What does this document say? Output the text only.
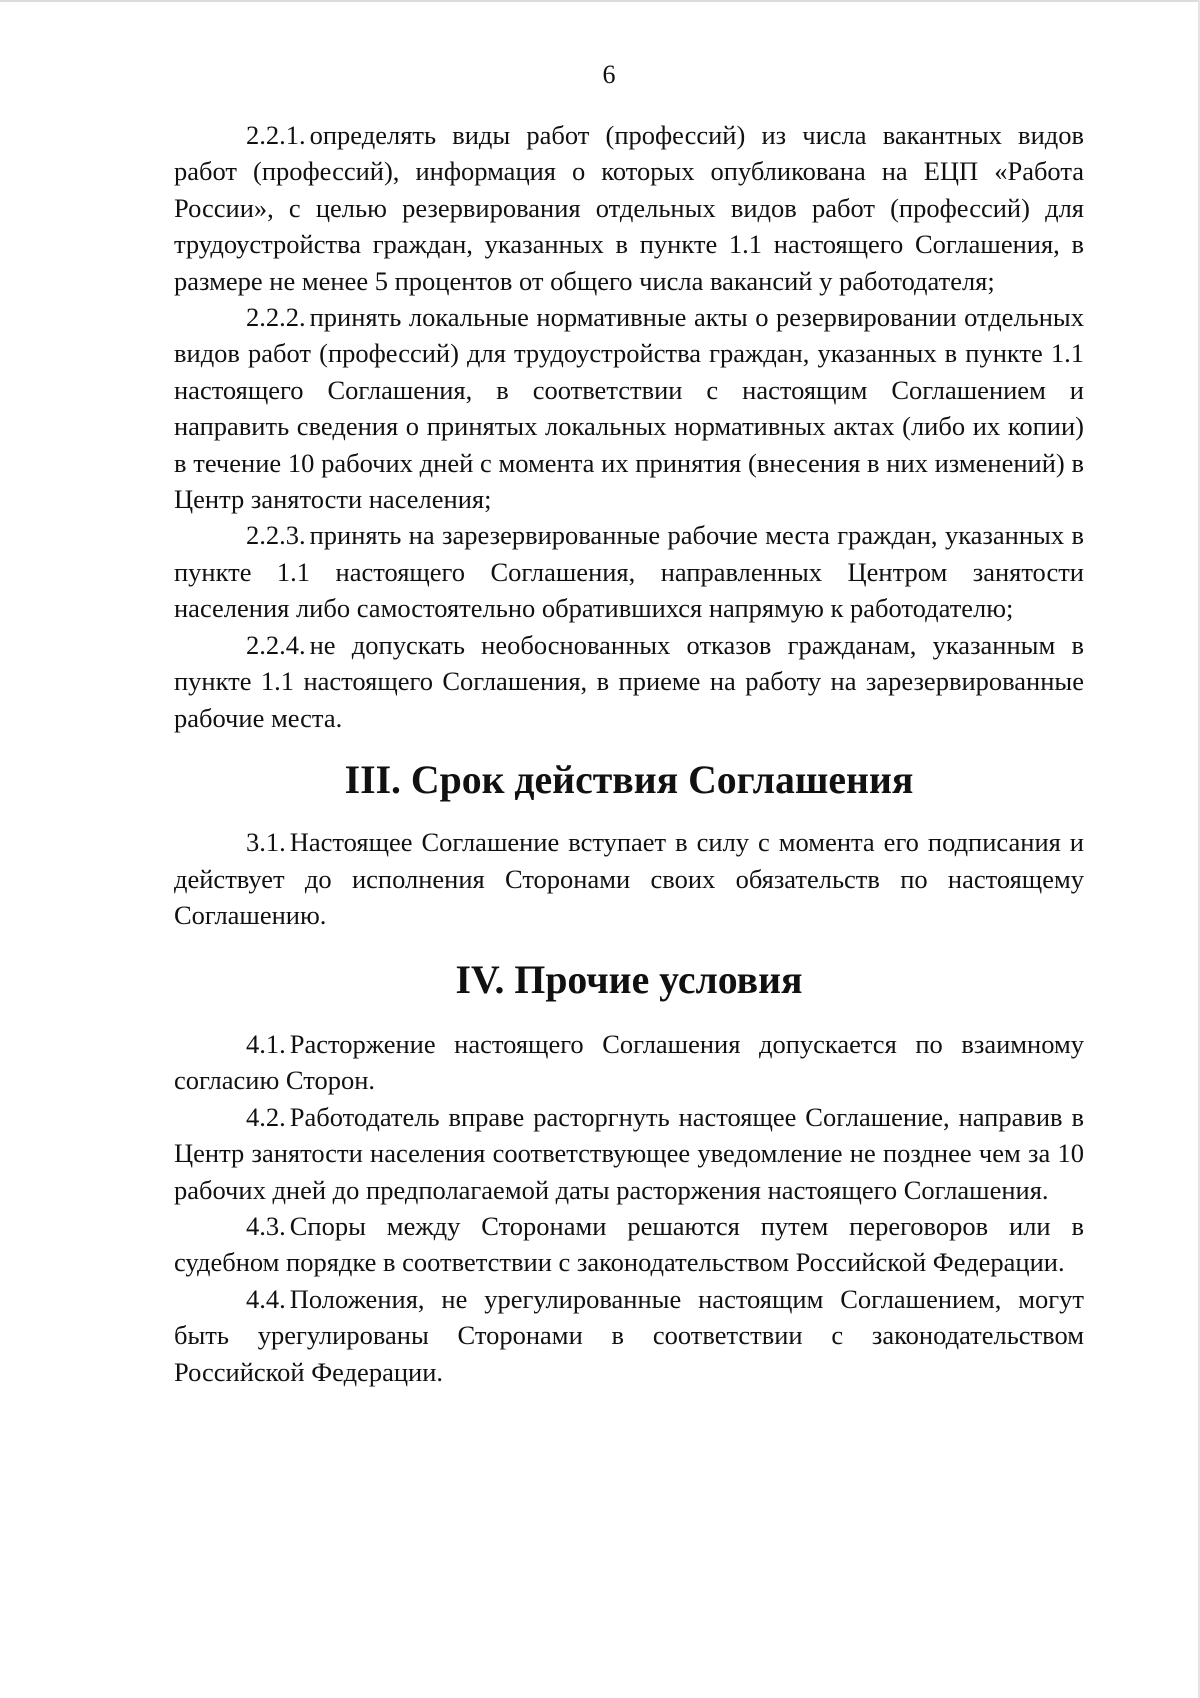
6

2.2.1. определять виды работ (профессий) из числа вакантных видов работ (профессий), информация о которых опубликована на ЕЦП «Работа России», с целью резервирования отдельных видов работ (профессий) для трудоустройства граждан, указанных в пункте 1.1 настоящего Соглашения, в размере не менее 5 процентов от общего числа вакансий у работодателя;

2.2.2. принять локальные нормативные акты о резервировании отдельных видов работ (профессий) для трудоустройства граждан, указанных в пункте 1.1 настоящего Соглашения, в соответствии с настоящим Соглашением и направить сведения о принятых локальных нормативных актах (либо их копии) в течение 10 рабочих дней с момента их принятия (внесения в них изменений) в Центр занятости населения;

2.2.3. принять на зарезервированные рабочие места граждан, указанных в пункте 1.1 настоящего Соглашения, направленных Центром занятости населения либо самостоятельно обратившихся напрямую к работодателю;

2.2.4. не допускать необоснованных отказов гражданам, указанным в пункте 1.1 настоящего Соглашения, в приеме на работу на зарезервированные рабочие места.

III. Срок действия Соглашения

3.1. Настоящее Соглашение вступает в силу с момента его подписания и действует до исполнения Сторонами своих обязательств по настоящему Соглашению.

IV. Прочие условия

4.1. Расторжение настоящего Соглашения допускается по взаимному согласию Сторон.

4.2. Работодатель вправе расторгнуть настоящее Соглашение, направив в Центр занятости населения соответствующее уведомление не позднее чем за 10 рабочих дней до предполагаемой даты расторжения настоящего Соглашения.

4.3. Споры между Сторонами решаются путем переговоров или в судебном порядке в соответствии с законодательством Российской Федерации.

4.4. Положения, не урегулированные настоящим Соглашением, могут быть урегулированы Сторонами в соответствии с законодательством Российской Федерации.
